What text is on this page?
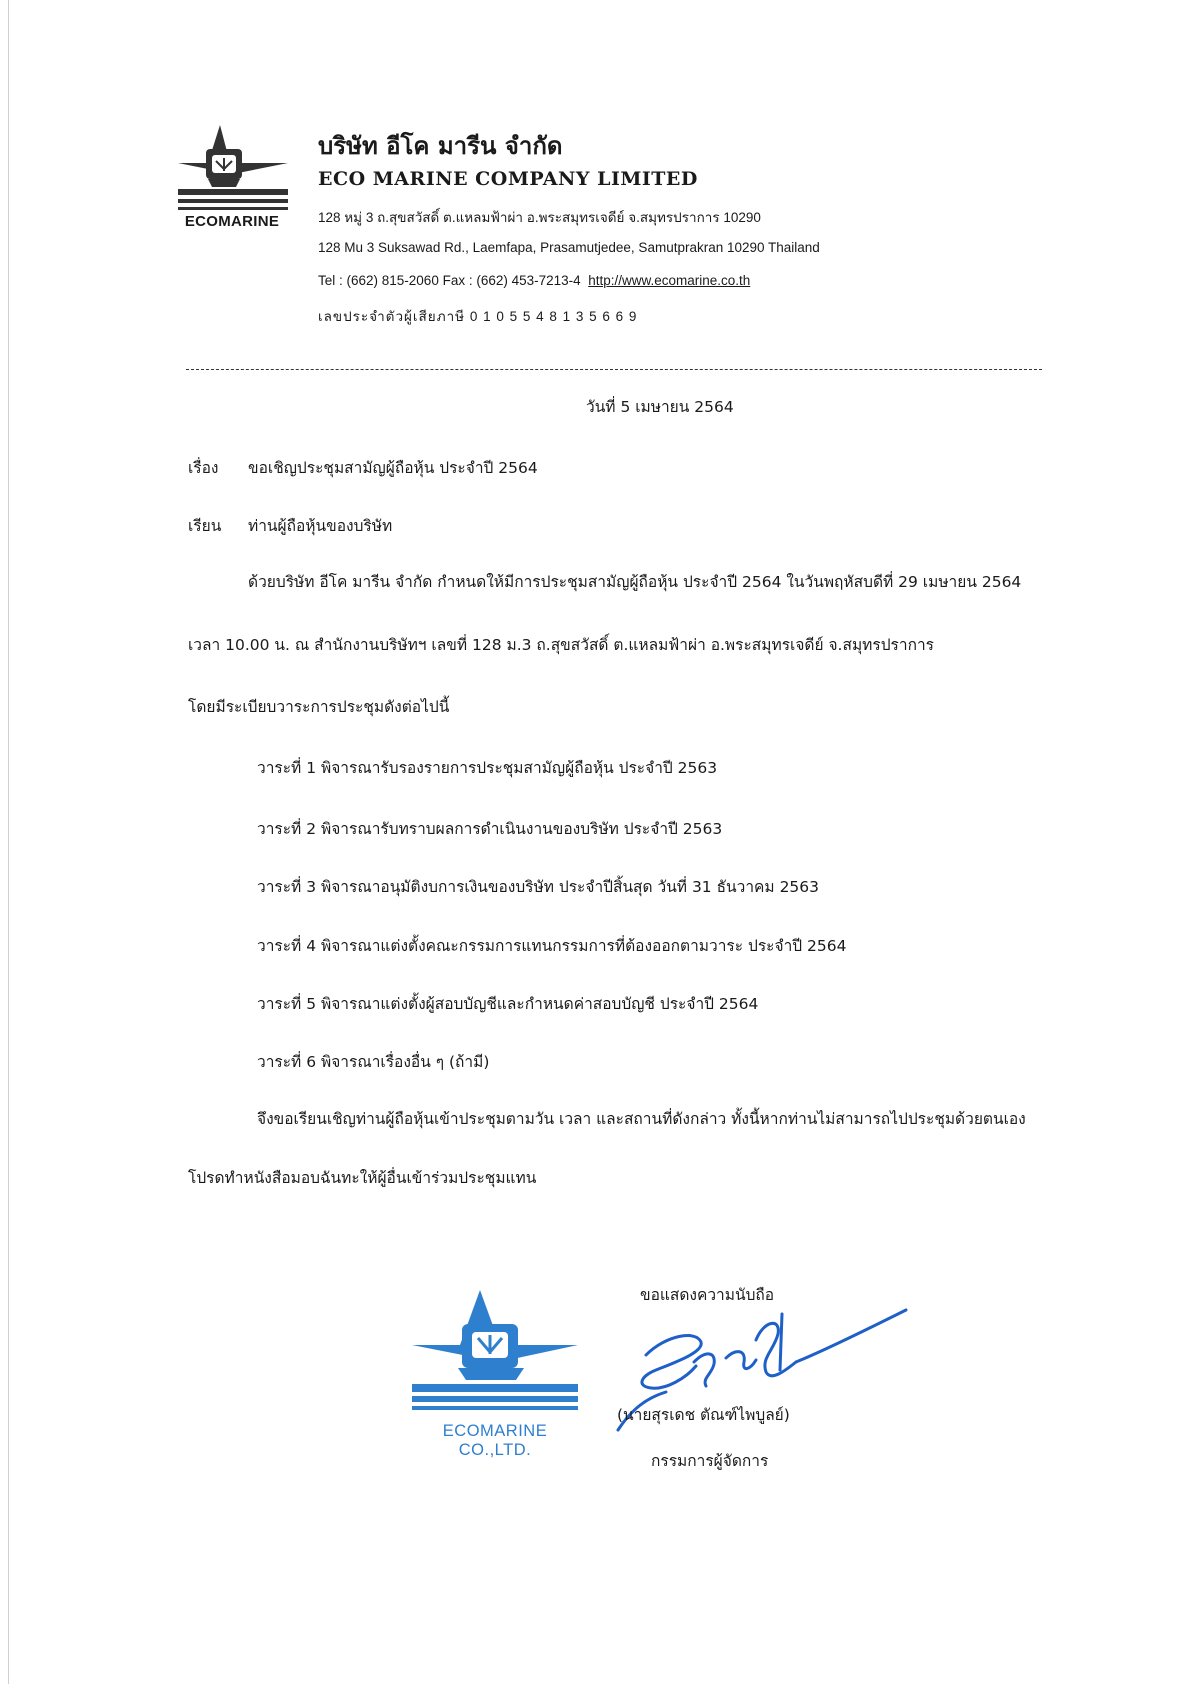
ECOMARINE
บริษัท อีโค มารีน จำกัด
ECO MARINE COMPANY LIMITED
128 หมู่ 3 ถ.สุขสวัสดิ์ ต.แหลมฟ้าผ่า อ.พระสมุทรเจดีย์ จ.สมุทรปราการ 10290
128 Mu 3 Suksawad Rd., Laemfapa, Prasamutjedee, Samutprakran 10290 Thailand
Tel : (662) 815-2060 Fax : (662) 453-7213-4 http://www.ecomarine.co.th
เลขประจำตัวผู้เสียภาษี 0 1 0 5 5 4 8 1 3 5 6 6 9
วันที่ 5 เมษายน 2564
เรื่อง ขอเชิญประชุมสามัญผู้ถือหุ้น ประจำปี 2564
เรียน ท่านผู้ถือหุ้นของบริษัท
ด้วยบริษัท อีโค มารีน จำกัด กำหนดให้มีการประชุมสามัญผู้ถือหุ้น ประจำปี 2564 ในวันพฤหัสบดีที่ 29 เมษายน 2564
เวลา 10.00 น. ณ สำนักงานบริษัทฯ เลขที่ 128 ม.3 ถ.สุขสวัสดิ์ ต.แหลมฟ้าผ่า อ.พระสมุทรเจดีย์ จ.สมุทรปราการ
โดยมีระเบียบวาระการประชุมดังต่อไปนี้
วาระที่ 1 พิจารณารับรองรายการประชุมสามัญผู้ถือหุ้น ประจำปี 2563
วาระที่ 2 พิจารณารับทราบผลการดำเนินงานของบริษัท ประจำปี 2563
วาระที่ 3 พิจารณาอนุมัติงบการเงินของบริษัท ประจำปีสิ้นสุด วันที่ 31 ธันวาคม 2563
วาระที่ 4 พิจารณาแต่งตั้งคณะกรรมการแทนกรรมการที่ต้องออกตามวาระ ประจำปี 2564
วาระที่ 5 พิจารณาแต่งตั้งผู้สอบบัญชีและกำหนดค่าสอบบัญชี ประจำปี 2564
วาระที่ 6 พิจารณาเรื่องอื่น ๆ (ถ้ามี)
จึงขอเรียนเชิญท่านผู้ถือหุ้นเข้าประชุมตามวัน เวลา และสถานที่ดังกล่าว ทั้งนี้หากท่านไม่สามารถไปประชุมด้วยตนเอง
โปรดทำหนังสือมอบฉันทะให้ผู้อื่นเข้าร่วมประชุมแทน
ขอแสดงความนับถือ
ECOMARINE CO.,LTD.
(นายสุรเดช ตัณฑ์ไพบูลย์)
กรรมการผู้จัดการ
